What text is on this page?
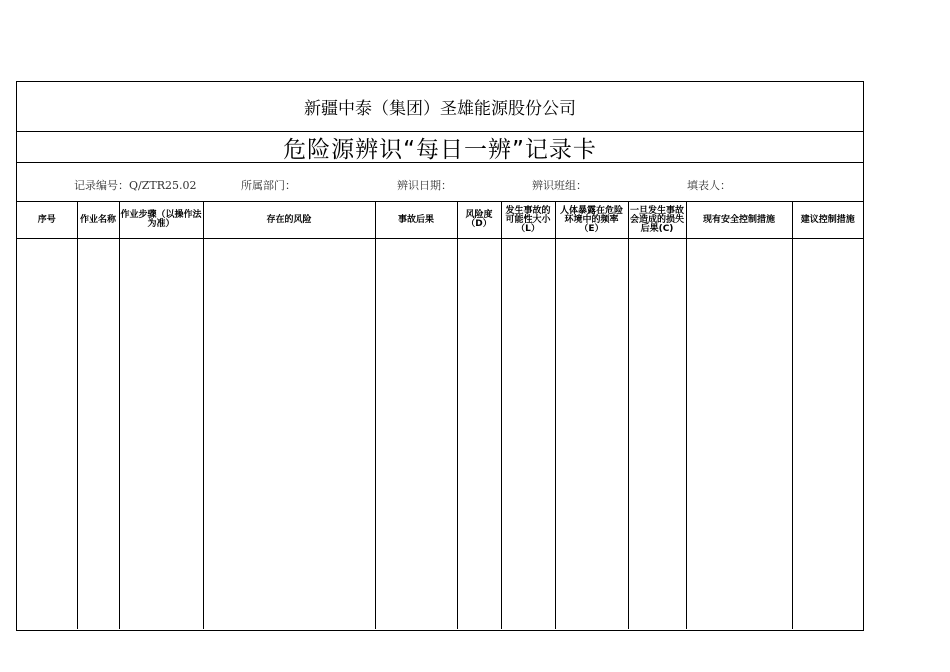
新疆中泰（集团）圣雄能源股份公司
危险源辨识“每日一辨”记录卡
记录编号：Q/ZTR25.02	所属部门：	辨识日期：	辨识班组：	填表人：
序号	作业名称	作业步骤（以操作法为准）	存在的风险	事故后果	风险度（D）	发生事故的可能性大小（L）	人体暴露在危险环境中的频率（E）	一旦发生事故会造成的损失后果(C)	现有安全控制措施	建议控制措施
